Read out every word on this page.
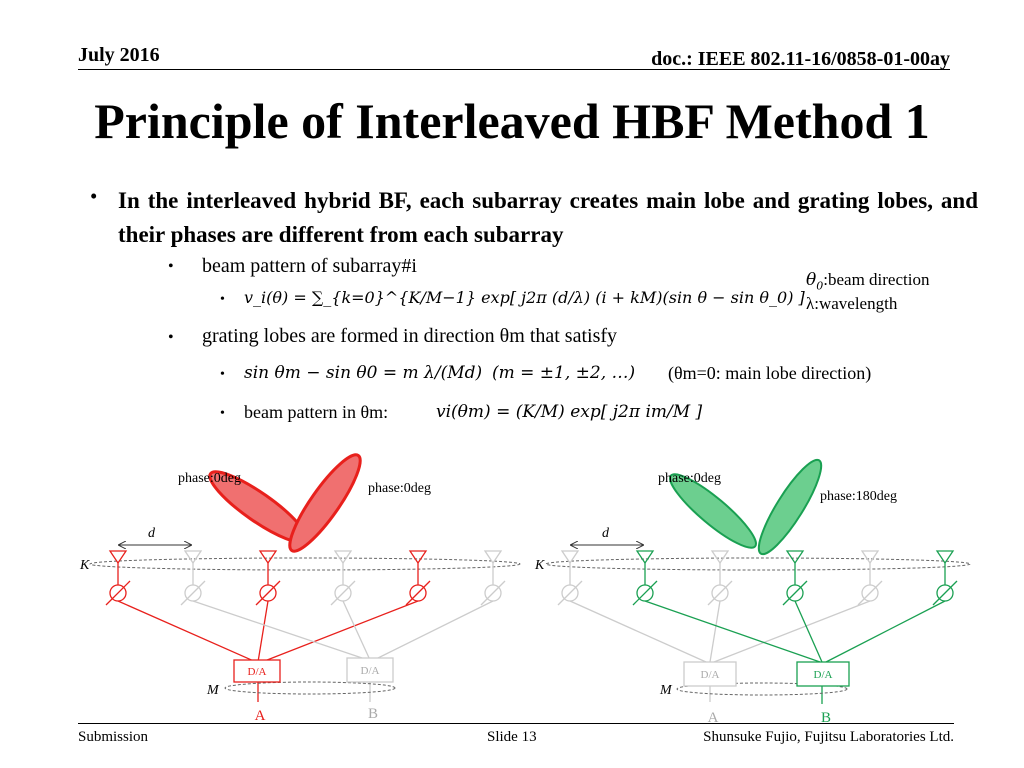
July 2016	doc.: IEEE 802.11-16/0858-01-00ay
Principle of Interleaved HBF Method 1
• In the interleaved hybrid BF, each subarray creates main lobe and grating lobes, and their phases are different from each subarray
• beam pattern of subarray#i
• v_i(θ) = ∑_{k=0}^{K/M−1} exp[ j2π (d/λ) (i + kM)(sin θ − sin θ_0) ]
$\theta_0:beam$ direction
λ:wavelength
• grating lobes are formed in direction θm that satisfy
• sin θm − sin θ0 = m λ/(Md) (m = ±1, ±2, …) (θm=0: main lobe direction)
• beam pattern in θm:	vi(θm) = (K/M) exp[ j2π im/M ]
phase:0deg
phase:0deg
d
K
M
D/A	D/A
A	B
phase:0deg
phase:180deg
d
K
M
D/A	D/A
A	B
Submission	Slide 13	Shunsuke Fujio, Fujitsu Laboratories Ltd.
